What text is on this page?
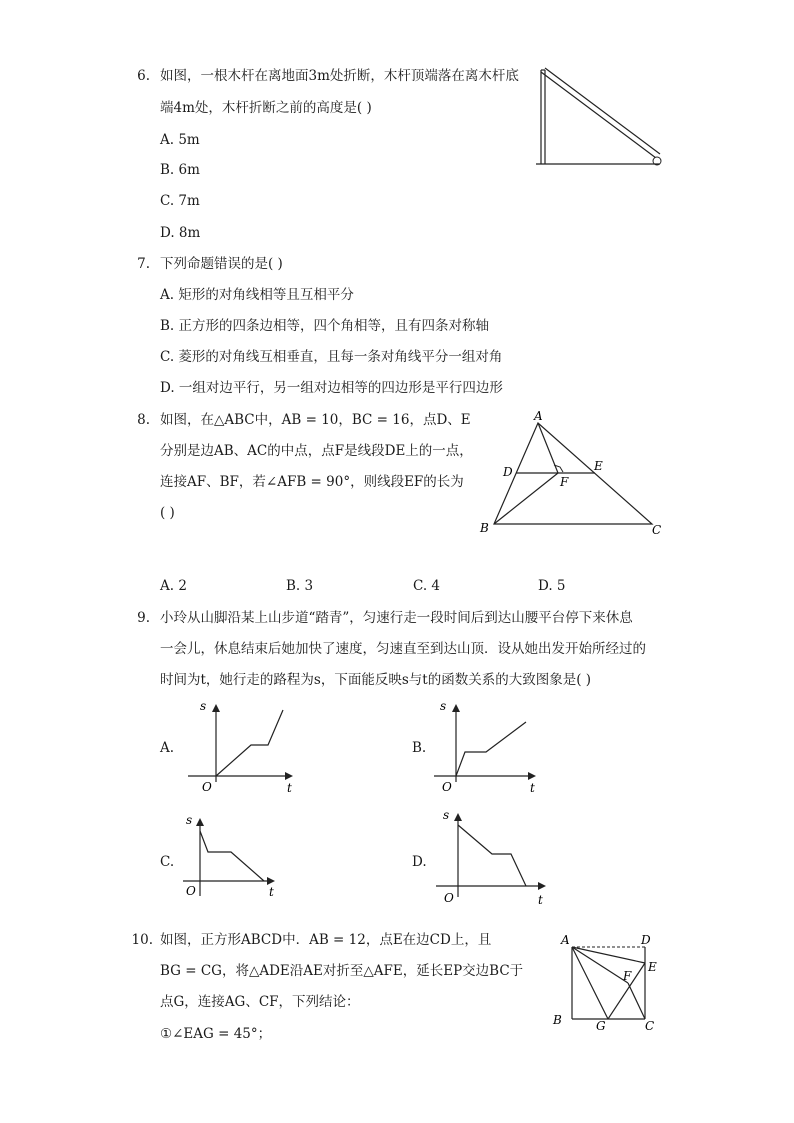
6. 如图，一根木杆在离地面3m处折断，木杆顶端落在离木杆底
端4m处，木杆折断之前的高度是( )
A. 5m
B. 6m
C. 7m
D. 8m
7. 下列命题错误的是( )
A. 矩形的对角线相等且互相平分
B. 正方形的四条边相等，四个角相等，且有四条对称轴
C. 菱形的对角线互相垂直，且每一条对角线平分一组对角
D. 一组对边平行，另一组对边相等的四边形是平行四边形
8. 如图，在△ABC中，AB = 10，BC = 16，点D、E
分别是边AB、AC的中点，点F是线段DE上的一点，
连接AF、BF，若∠AFB = 90°，则线段EF的长为
( )
A. 2	B. 3	C. 4	D. 5
A
D	E
F
B	C
9. 小玲从山脚沿某上山步道“踏青”，匀速行走一段时间后到达山腰平台停下来休息
一会儿，休息结束后她加快了速度，匀速直至到达山顶．设从她出发开始所经过的
时间为t，她行走的路程为s，下面能反映s与t的函数关系的大致图象是( )
A.
s
t
O
B.
s
t
O
C.
s
t
O
D.
s
t
O
10. 如图，正方形ABCD中．AB = 12，点E在边CD上，且
BG = CG，将△ADE沿AE对折至△AFE，延长EP交边BC于
点G，连接AG、CF，下列结论：
①∠EAG = 45°；
A	D
E
F
B	G	C
